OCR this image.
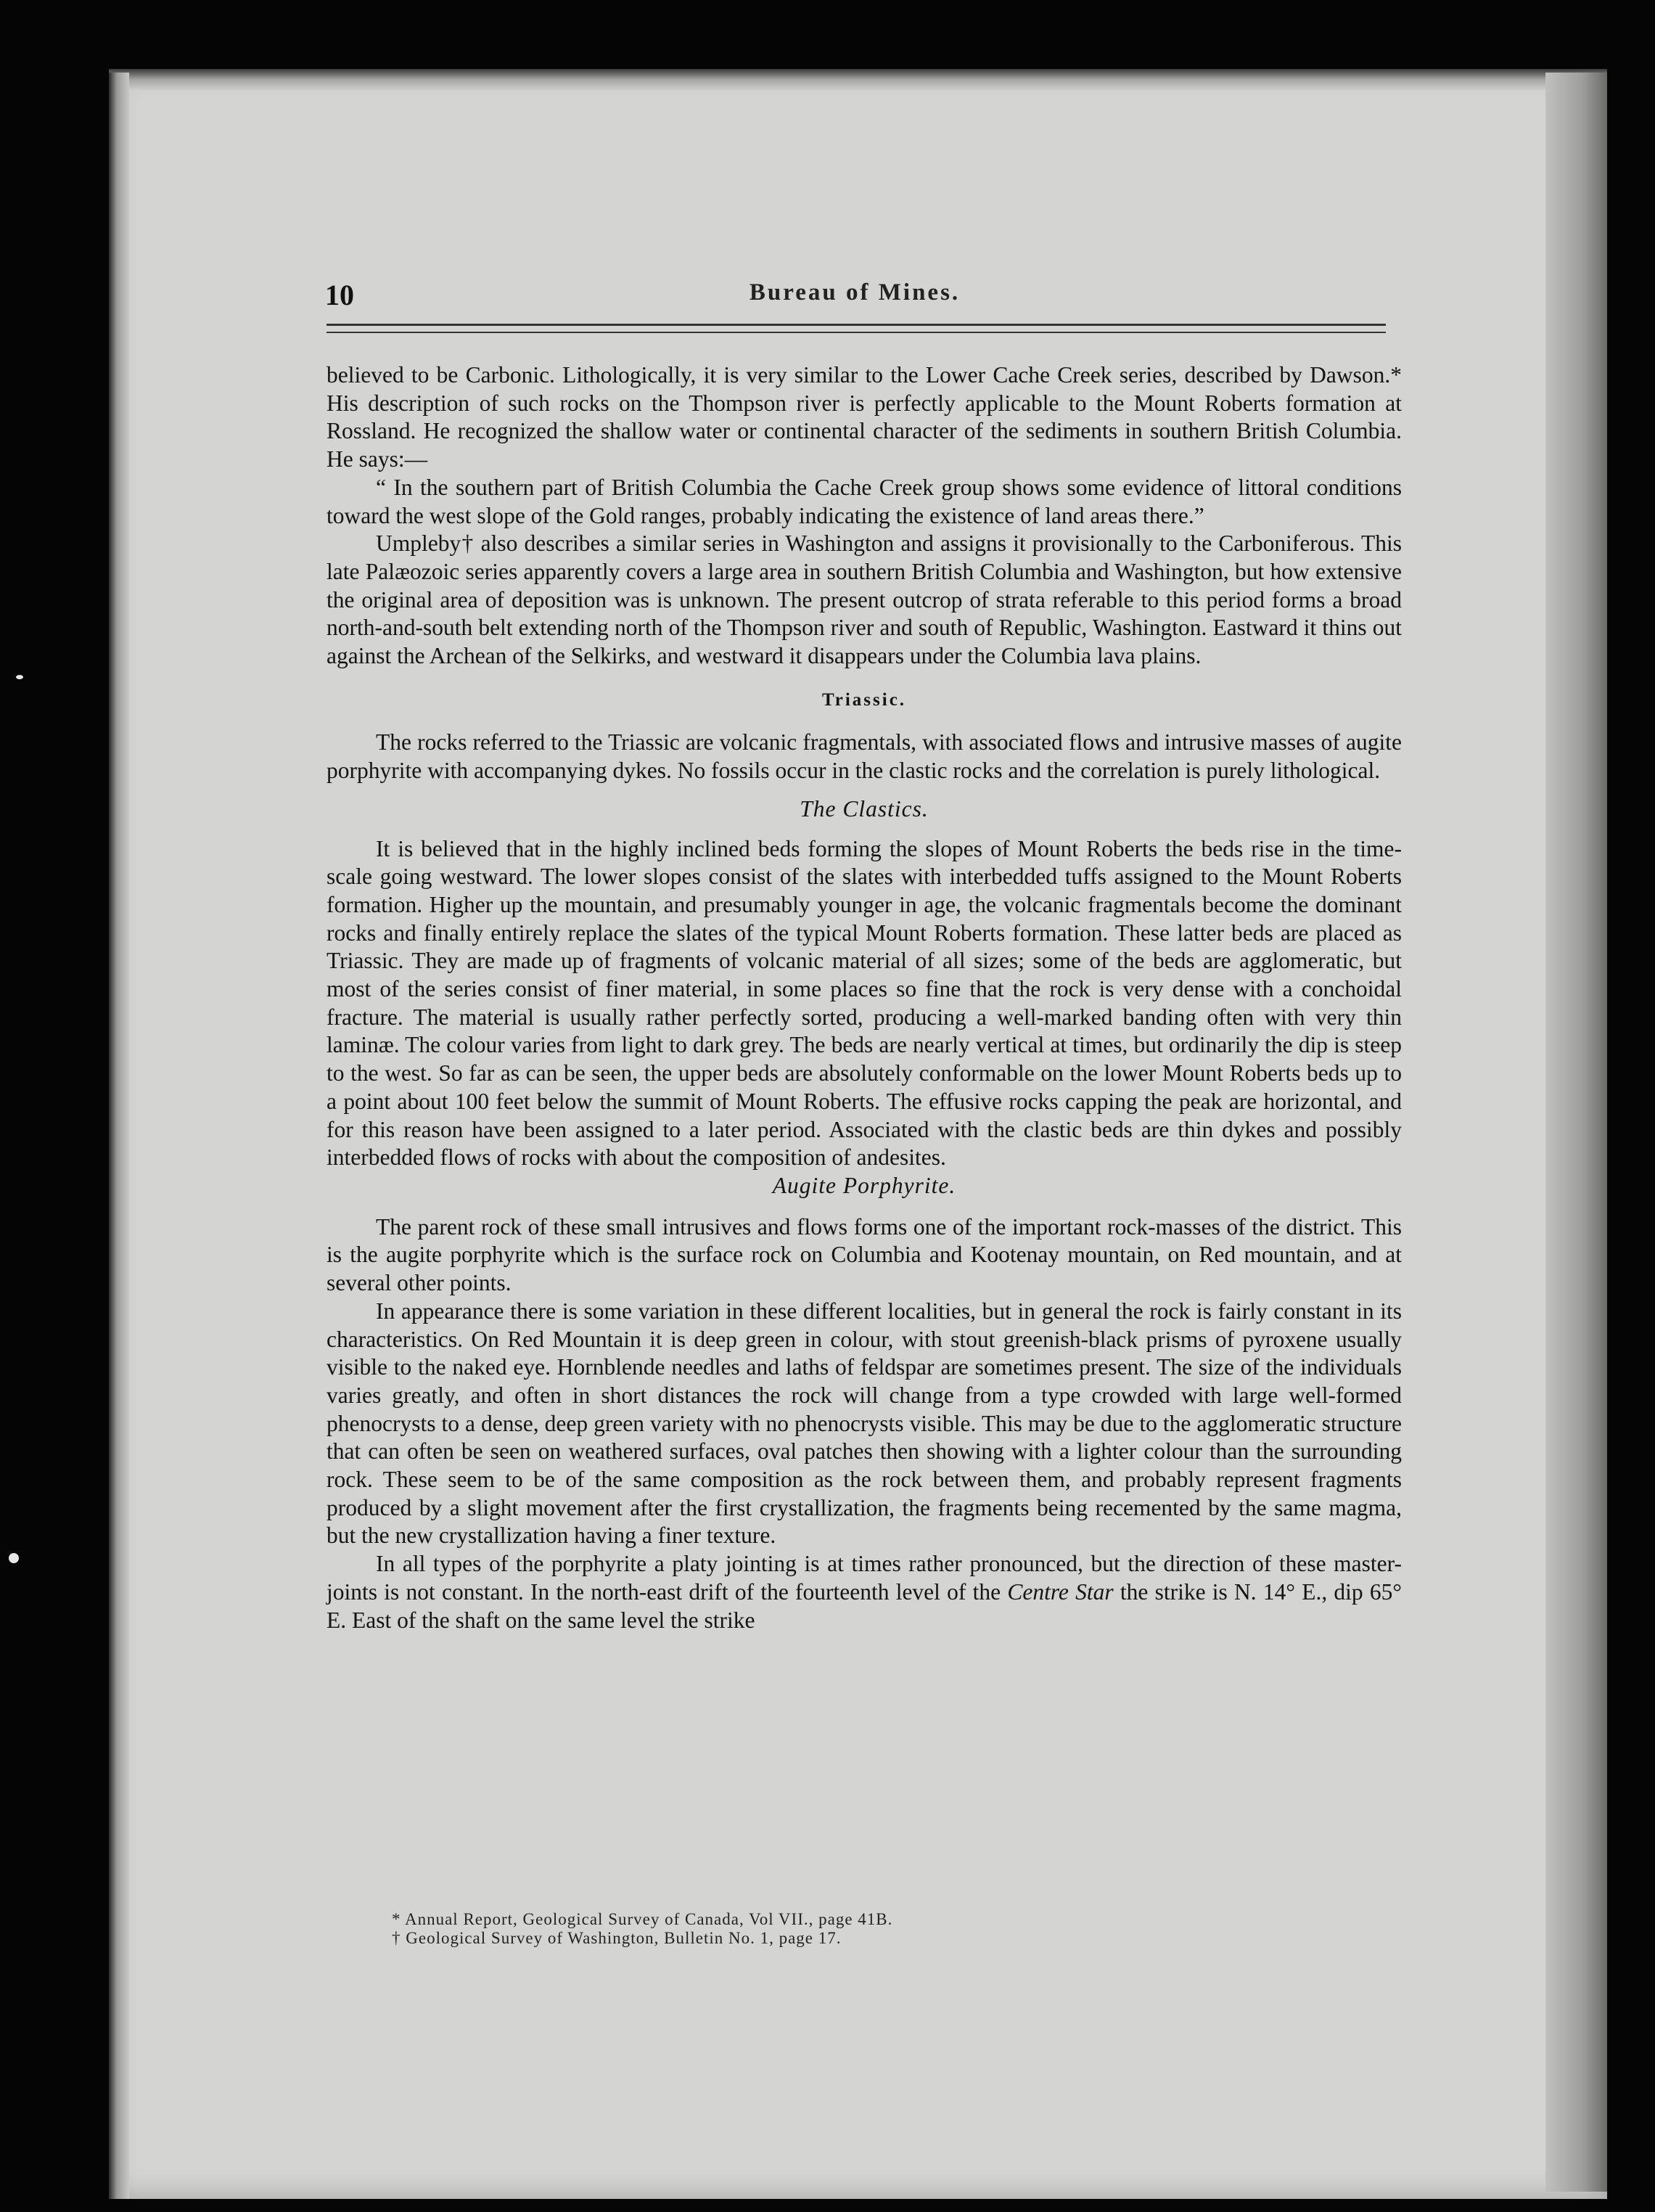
10	Bureau of Mines.

believed to be Carbonic. Lithologically, it is very similar to the Lower Cache Creek series, described by Dawson.* His description of such rocks on the Thompson river is perfectly applicable to the Mount Roberts formation at Rossland. He recognized the shallow water or continental character of the sediments in southern British Columbia. He says:—

“ In the southern part of British Columbia the Cache Creek group shows some evidence of littoral conditions toward the west slope of the Gold ranges, probably indicating the existence of land areas there.”

Umpleby† also describes a similar series in Washington and assigns it provisionally to the Carboniferous. This late Palæozoic series apparently covers a large area in southern British Columbia and Washington, but how extensive the original area of deposition was is unknown. The present outcrop of strata referable to this period forms a broad north-and-south belt extending north of the Thompson river and south of Republic, Washington. Eastward it thins out against the Archean of the Selkirks, and westward it disappears under the Columbia lava plains.

Triassic.

The rocks referred to the Triassic are volcanic fragmentals, with associated flows and intrusive masses of augite porphyrite with accompanying dykes. No fossils occur in the clastic rocks and the correlation is purely lithological.

The Clastics.

It is believed that in the highly inclined beds forming the slopes of Mount Roberts the beds rise in the time-scale going westward. The lower slopes consist of the slates with interbedded tuffs assigned to the Mount Roberts formation. Higher up the mountain, and presumably younger in age, the volcanic fragmentals become the dominant rocks and finally entirely replace the slates of the typical Mount Roberts formation. These latter beds are placed as Triassic. They are made up of fragments of volcanic material of all sizes; some of the beds are agglomeratic, but most of the series consist of finer material, in some places so fine that the rock is very dense with a conchoidal fracture. The material is usually rather perfectly sorted, producing a well-marked banding often with very thin laminæ. The colour varies from light to dark grey. The beds are nearly vertical at times, but ordinarily the dip is steep to the west. So far as can be seen, the upper beds are absolutely conformable on the lower Mount Roberts beds up to a point about 100 feet below the summit of Mount Roberts. The effusive rocks capping the peak are horizontal, and for this reason have been assigned to a later period. Associated with the clastic beds are thin dykes and possibly interbedded flows of rocks with about the composition of andesites.

Augite Porphyrite.

The parent rock of these small intrusives and flows forms one of the important rock-masses of the district. This is the augite porphyrite which is the surface rock on Columbia and Kootenay mountain, on Red mountain, and at several other points.

In appearance there is some variation in these different localities, but in general the rock is fairly constant in its characteristics. On Red Mountain it is deep green in colour, with stout greenish-black prisms of pyroxene usually visible to the naked eye. Hornblende needles and laths of feldspar are sometimes present. The size of the individuals varies greatly, and often in short distances the rock will change from a type crowded with large well-formed phenocrysts to a dense, deep green variety with no phenocrysts visible. This may be due to the agglomeratic structure that can often be seen on weathered surfaces, oval patches then showing with a lighter colour than the surrounding rock. These seem to be of the same composition as the rock between them, and probably represent fragments produced by a slight movement after the first crystallization, the fragments being recemented by the same magma, but the new crystallization having a finer texture.

In all types of the porphyrite a platy jointing is at times rather pronounced, but the direction of these master-joints is not constant. In the north-east drift of the fourteenth level of the Centre Star the strike is N. 14° E., dip 65° E. East of the shaft on the same level the strike

* Annual Report, Geological Survey of Canada, Vol VII., page 41B.

† Geological Survey of Washington, Bulletin No. 1, page 17.
